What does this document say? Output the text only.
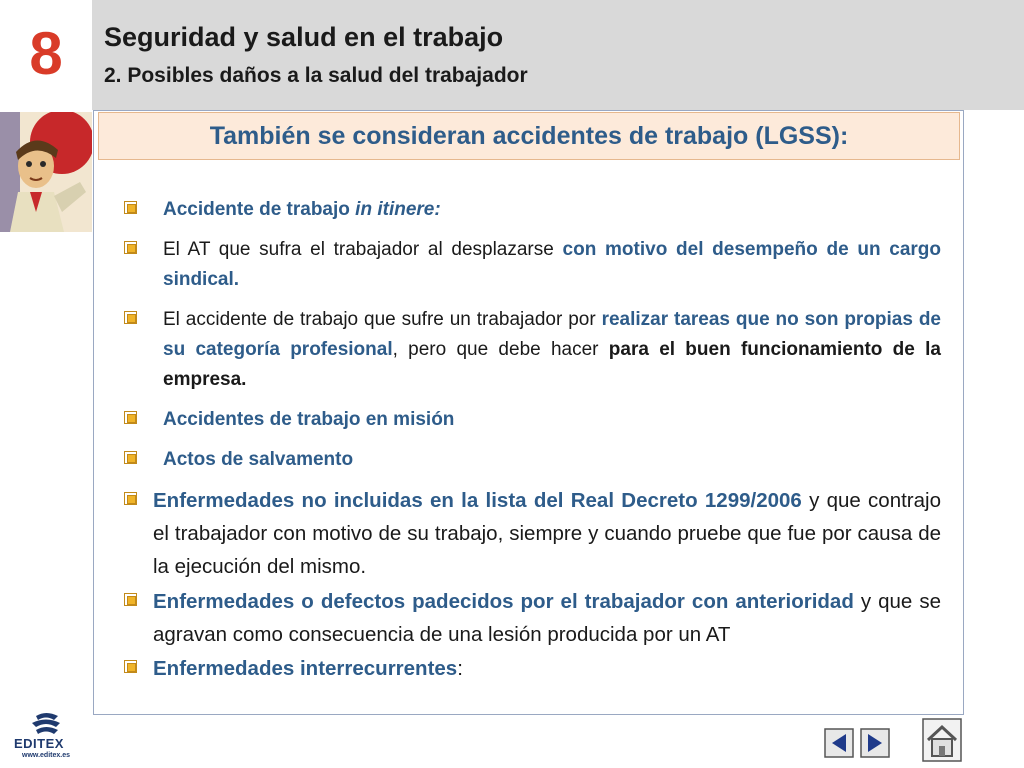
8	Seguridad y salud en el trabajo
2. Posibles daños a la salud del trabajador
También se consideran accidentes de trabajo (LGSS):
Accidente de trabajo in itinere:
El AT que sufra el trabajador al desplazarse con motivo del desempeño de un cargo sindical.
El accidente de trabajo que sufre un trabajador por realizar tareas que no son propias de su categoría profesional, pero que debe hacer para el buen funcionamiento de la empresa.
Accidentes de trabajo en misión
Actos de salvamento
Enfermedades no incluidas en la lista del Real Decreto 1299/2006 y que contrajo el trabajador con motivo de su trabajo, siempre y cuando pruebe que fue por causa de la ejecución del mismo.
Enfermedades o defectos padecidos por el trabajador con anterioridad y que se agravan como consecuencia de una lesión producida por un AT
Enfermedades interrecurrentes:
EDITEX
www.editex.es
